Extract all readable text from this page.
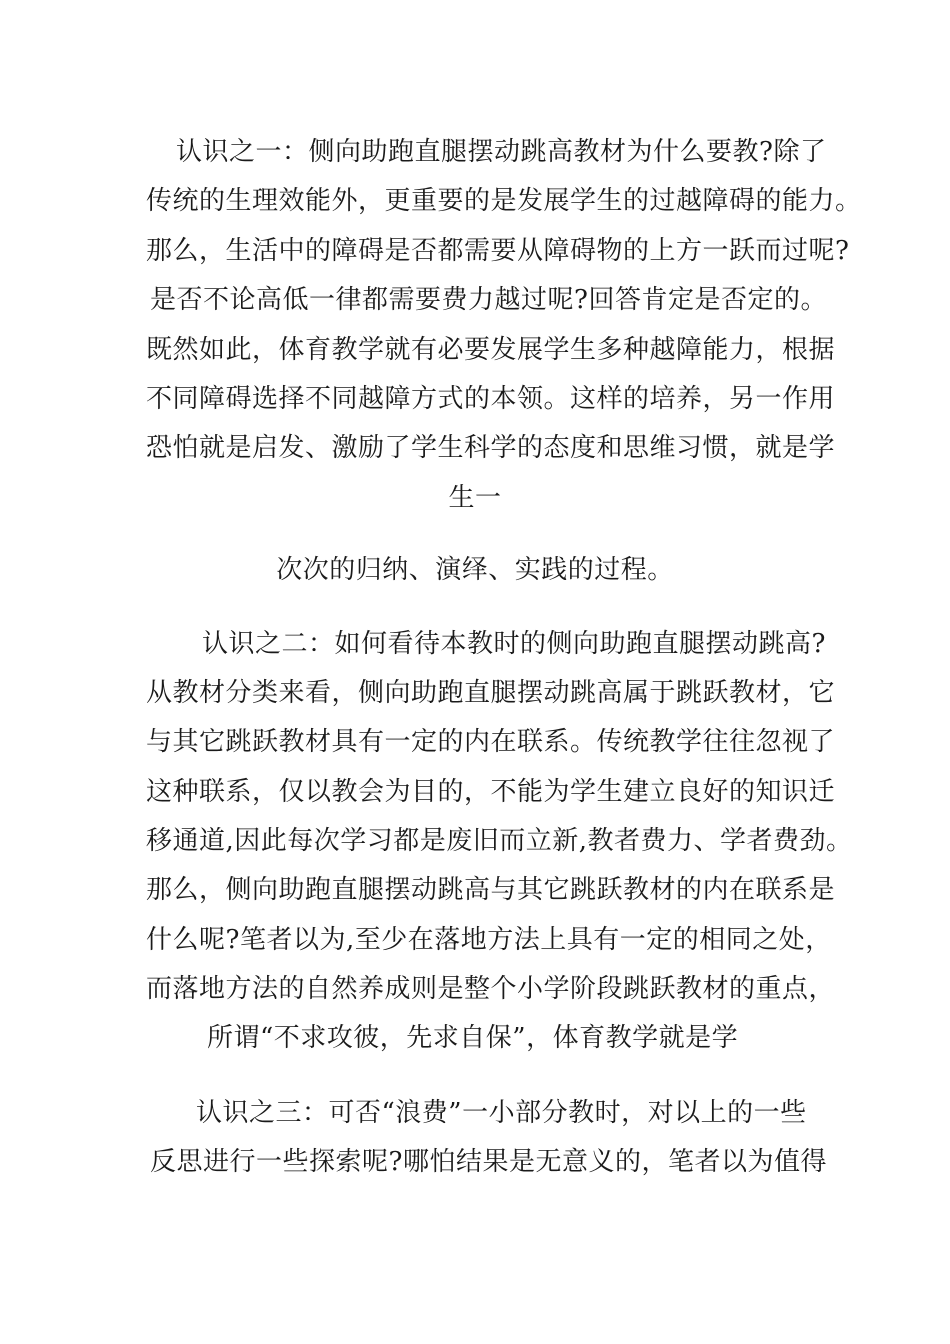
认识之一：侧向助跑直腿摆动跳高教材为什么要教?除了
传统的生理效能外，更重要的是发展学生的过越障碍的能力。
那么，生活中的障碍是否都需要从障碍物的上方一跃而过呢?
是否不论高低一律都需要费力越过呢?回答肯定是否定的。
既然如此，体育教学就有必要发展学生多种越障能力，根据
不同障碍选择不同越障方式的本领。这样的培养，另一作用
恐怕就是启发、激励了学生科学的态度和思维习惯，就是学
生一
次次的归纳、演绎、实践的过程。
认识之二：如何看待本教时的侧向助跑直腿摆动跳高?
从教材分类来看，侧向助跑直腿摆动跳高属于跳跃教材，它
与其它跳跃教材具有一定的内在联系。传统教学往往忽视了
这种联系，仅以教会为目的，不能为学生建立良好的知识迁
移通道,因此每次学习都是废旧而立新,教者费力、学者费劲。
那么，侧向助跑直腿摆动跳高与其它跳跃教材的内在联系是
什么呢?笔者以为,至少在落地方法上具有一定的相同之处，
而落地方法的自然养成则是整个小学阶段跳跃教材的重点，
所谓“不求攻彼，先求自保”，体育教学就是学
认识之三：可否“浪费”一小部分教时，对以上的一些
反思进行一些探索呢?哪怕结果是无意义的，笔者以为值得
